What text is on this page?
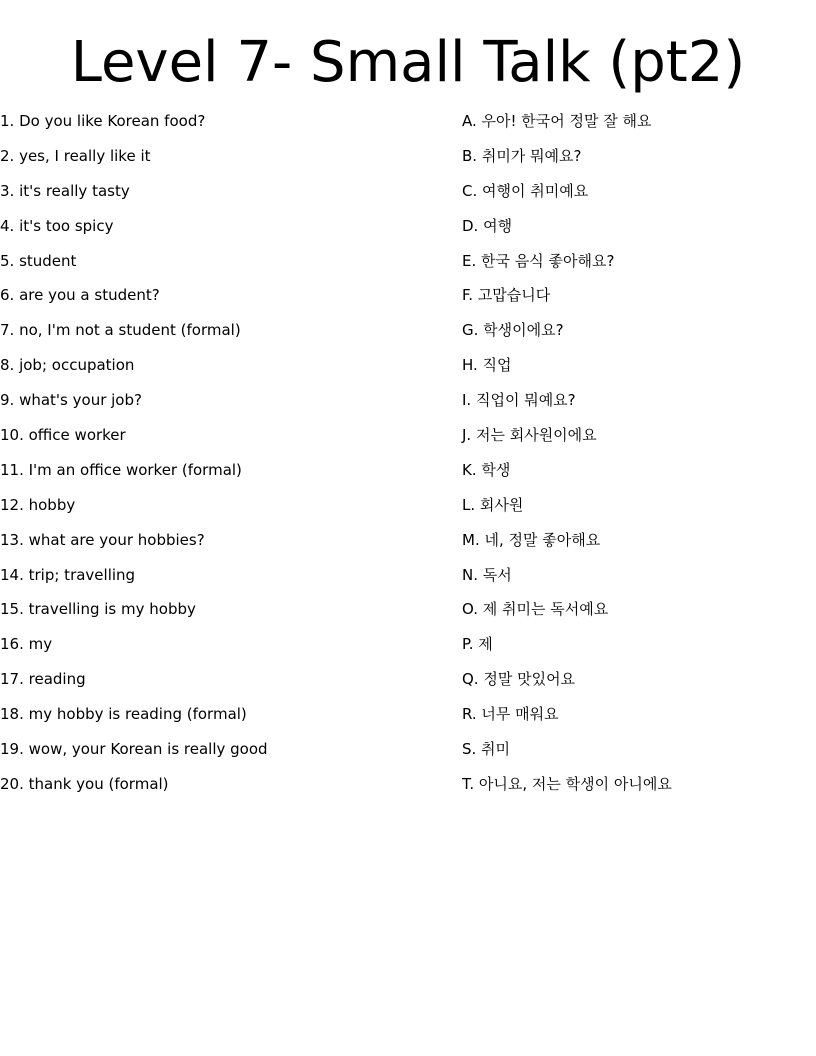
Level 7- Small Talk (pt2)
1. Do you like Korean food?
2. yes, I really like it
3. it's really tasty
4. it's too spicy
5. student
6. are you a student?
7. no, I'm not a student (formal)
8. job; occupation
9. what's your job?
10. office worker
11. I'm an office worker (formal)
12. hobby
13. what are your hobbies?
14. trip; travelling
15. travelling is my hobby
16. my
17. reading
18. my hobby is reading (formal)
19. wow, your Korean is really good
20. thank you (formal)
A. 우아! 한국어 정말 잘 해요
B. 취미가 뭐예요?
C. 여행이 취미예요
D. 여행
E. 한국 음식 좋아해요?
F. 고맙습니다
G. 학생이에요?
H. 직업
I. 직업이 뭐예요?
J. 저는 회사원이에요
K. 학생
L. 회사원
M. 네, 정말 좋아해요
N. 독서
O. 제 취미는 독서예요
P. 제
Q. 정말 맛있어요
R. 너무 매워요
S. 취미
T. 아니요, 저는 학생이 아니에요
